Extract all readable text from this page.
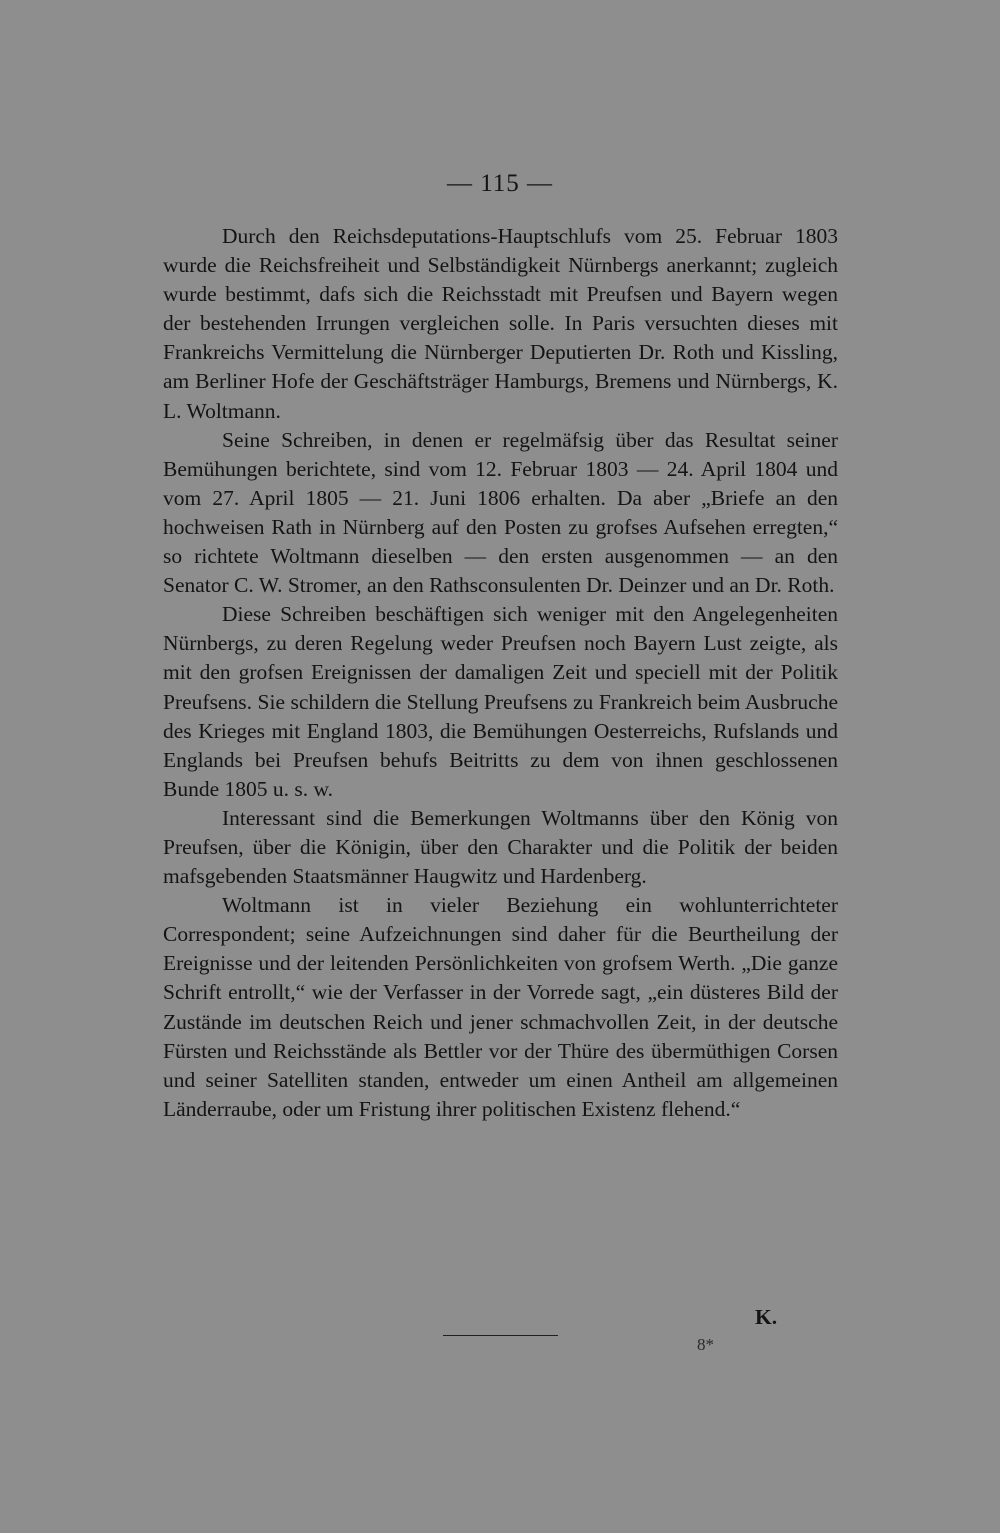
— 115 —

Durch den Reichsdeputations-Hauptschlufs vom 25. Februar 1803 wurde die Reichsfreiheit und Selbständigkeit Nürnbergs anerkannt; zugleich wurde bestimmt, dafs sich die Reichsstadt mit Preufsen und Bayern wegen der bestehenden Irrungen vergleichen solle. In Paris versuchten dieses mit Frankreichs Vermittelung die Nürnberger Deputierten Dr. Roth und Kissling, am Berliner Hofe der Geschäftsträger Hamburgs, Bremens und Nürnbergs, K. L. Woltmann.

Seine Schreiben, in denen er regelmäfsig über das Resultat seiner Bemühungen berichtete, sind vom 12. Februar 1803 — 24. April 1804 und vom 27. April 1805 — 21. Juni 1806 erhalten. Da aber „Briefe an den hochweisen Rath in Nürnberg auf den Posten zu grofses Aufsehen erregten,“ so richtete Woltmann dieselben — den ersten ausgenommen — an den Senator C. W. Stromer, an den Rathsconsulenten Dr. Deinzer und an Dr. Roth.

Diese Schreiben beschäftigen sich weniger mit den Angelegenheiten Nürnbergs, zu deren Regelung weder Preufsen noch Bayern Lust zeigte, als mit den grofsen Ereignissen der damaligen Zeit und speciell mit der Politik Preufsens. Sie schildern die Stellung Preufsens zu Frankreich beim Ausbruche des Krieges mit England 1803, die Bemühungen Oesterreichs, Rufslands und Englands bei Preufsen behufs Beitritts zu dem von ihnen geschlossenen Bunde 1805 u. s. w.

Interessant sind die Bemerkungen Woltmanns über den König von Preufsen, über die Königin, über den Charakter und die Politik der beiden mafsgebenden Staatsmänner Haugwitz und Hardenberg.

Woltmann ist in vieler Beziehung ein wohlunterrichteter Correspondent; seine Aufzeichnungen sind daher für die Beurtheilung der Ereignisse und der leitenden Persönlichkeiten von grofsem Werth. „Die ganze Schrift entrollt,“ wie der Verfasser in der Vorrede sagt, „ein düsteres Bild der Zustände im deutschen Reich und jener schmachvollen Zeit, in der deutsche Fürsten und Reichsstände als Bettler vor der Thüre des übermüthigen Corsen und seiner Satelliten standen, entweder um einen Antheil am allgemeinen Länderraube, oder um Fristung ihrer politischen Existenz flehend.“

K.
8*
